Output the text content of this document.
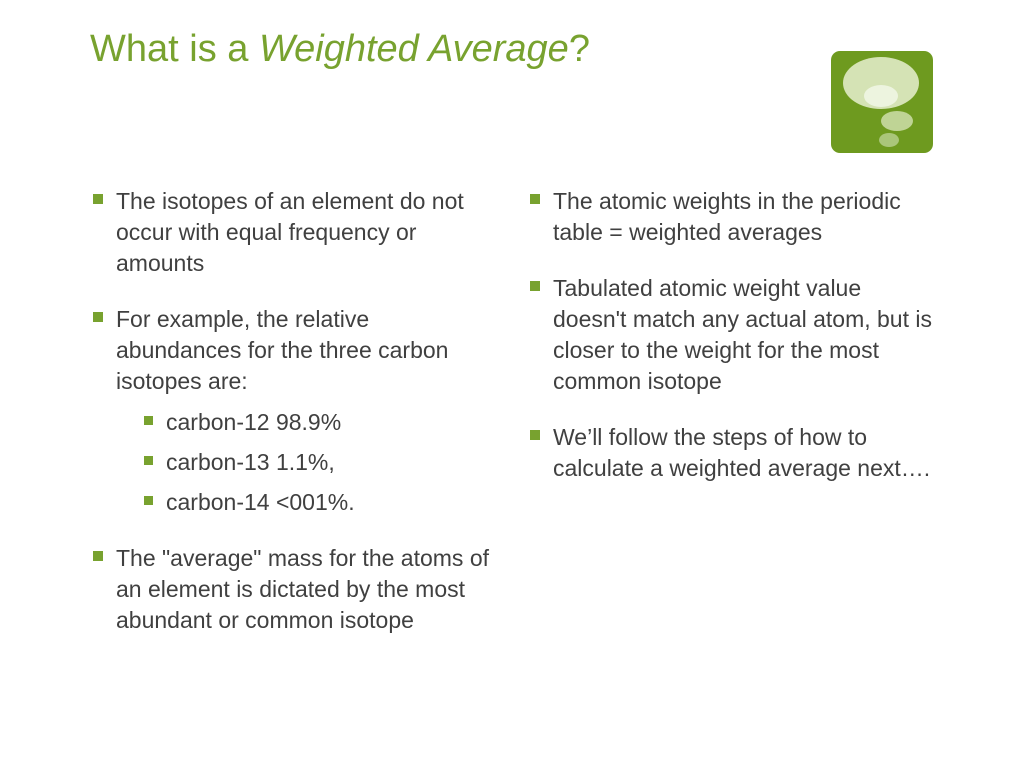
What is a Weighted Average?
The isotopes of an element do not occur with equal frequency or amounts
For example, the relative abundances for the three carbon isotopes are:
carbon-12 98.9%
carbon-13 1.1%,
carbon-14 <001%.
The "average" mass for the atoms of an element is dictated by the most abundant or common isotope
The atomic weights in the periodic table = weighted averages
Tabulated atomic weight value doesn't match any actual atom, but is closer to the weight for the most common isotope
We’ll follow the steps of how to calculate a weighted average next….
